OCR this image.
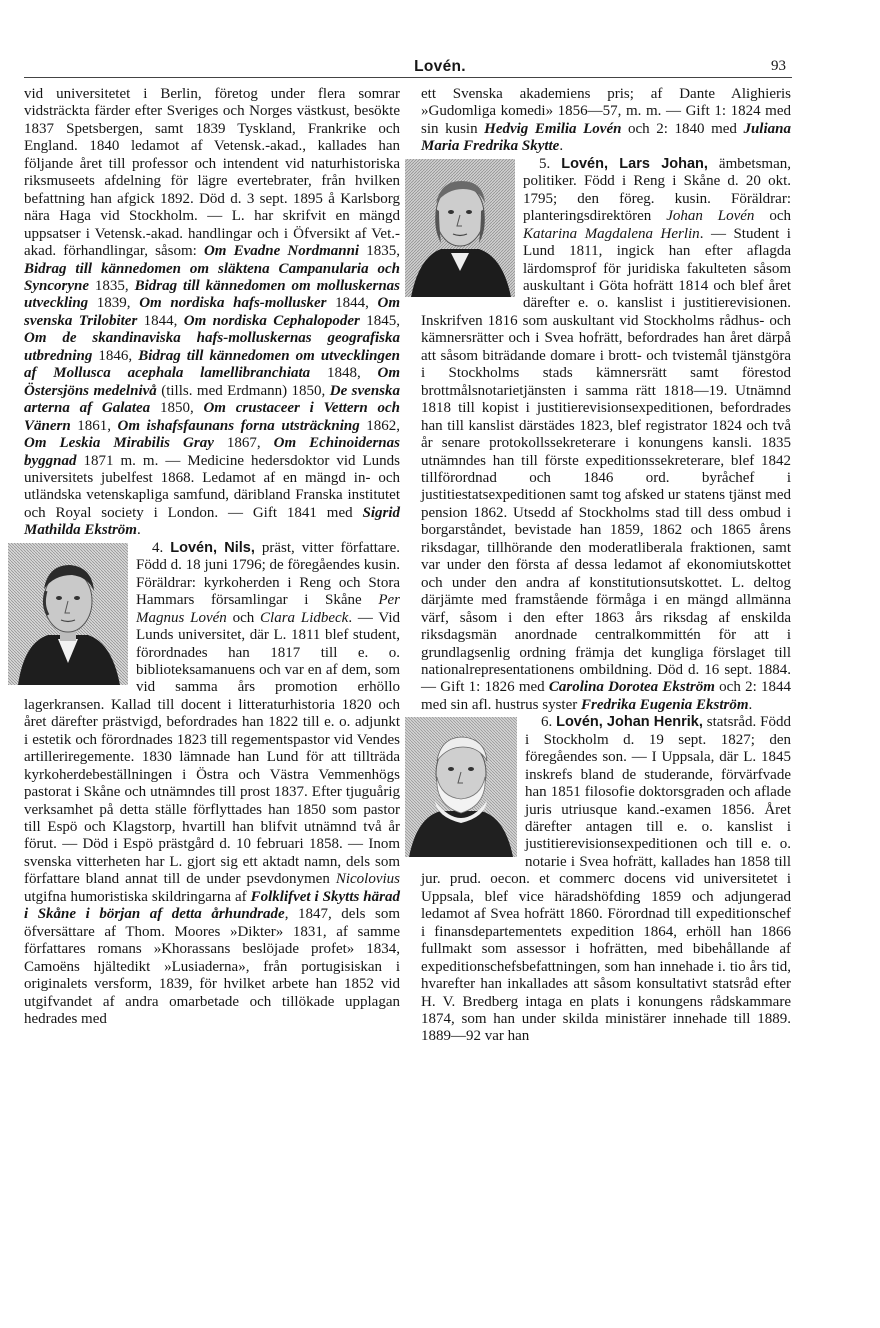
Lovén.	93

vid universitetet i Berlin, företog under flera somrar vidsträckta färder efter Sveriges och Norges västkust, besökte 1837 Spetsbergen, samt 1839 Tyskland, Frankrike och England. 1840 ledamot af Vetensk.-akad., kallades han följande året till professor och intendent vid naturhistoriska riksmuseets afdelning för lägre evertebrater, från hvilken befattning han afgick 1892. Död d. 3 sept. 1895 å Karlsborg nära Haga vid Stockholm. — L. har skrifvit en mängd uppsatser i Vetensk.-akad. handlingar och i Öfversikt af Vet.-akad. förhandlingar, såsom: Om Evadne Nordmanni 1835, Bidrag till kännedomen om släktena Campanularia och Syncoryne 1835, Bidrag till kännedomen om molluskernas utveckling 1839, Om nordiska hafs-mollusker 1844, Om svenska Trilobiter 1844, Om nordiska Cephalopoder 1845, Om de skandinaviska hafs-molluskernas geografiska utbredning 1846, Bidrag till kännedomen om utvecklingen af Mollusca acephala lamellibranchiata 1848, Om Östersjöns medelnivå (tills. med Erdmann) 1850, De svenska arterna af Galatea 1850, Om crustaceer i Vettern och Vänern 1861, Om ishafsfaunans forna utsträckning 1862, Om Leskia Mirabilis Gray 1867, Om Echinoidernas byggnad 1871 m. m. — Medicine hedersdoktor vid Lunds universitets jubelfest 1868. Ledamot af en mängd in- och utländska vetenskapliga samfund, däribland Franska institutet och Royal society i London. — Gift 1841 med Sigrid Mathilda Ekström.

4. Lovén, Nils,
präst, vitter författare. Född d. 18 juni 1796; de föregåendes kusin. Föräldrar: kyrkoherden i Reng och Stora Hammars församlingar i Skåne Per Magnus Lovén och Clara Lidbeck. — Vid Lunds universitet, där L. 1811 blef student, förordnades han 1817 till e. o. biblioteksamanuens och var en af dem, som vid samma års promotion erhöllo lagerkransen. Kallad till docent i litteraturhistoria 1820 och året därefter prästvigd, befordrades han 1822 till e. o. adjunkt i estetik och förordnades 1823 till regementspastor vid Vendes artilleriregemente. 1830 lämnade han Lund för att tillträda kyrkoherdebeställningen i Östra och Västra Vemmenhögs pastorat i Skåne och utnämndes till prost 1837. Efter tjuguårig verksamhet på detta ställe förflyttades han 1850 som pastor till Espö och Klagstorp, hvartill han blifvit utnämnd två år förut. — Död i Espö prästgård d. 10 februari 1858. — Inom svenska vitterheten har L. gjort sig ett aktadt namn, dels som författare bland annat till de under psevdonymen Nicolovius utgifna humoristiska skildringarna af Folklifvet i Skytts härad i Skåne i början af detta århundrade, 1847, dels som öfversättare af Thom. Moores »Dikter» 1831, af samme författares romans »Khorassans beslöjade profet» 1834, Camoëns hjältedikt »Lusiaderna», från portugisiskan i originalets versform, 1839, för hvilket arbete han 1852 vid utgifvandet af andra omarbetade och tillökade upplagan hedrades med

ett Svenska akademiens pris; af Dante Alighieris »Gudomliga komedi» 1856—57, m. m. — Gift 1: 1824 med sin kusin Hedvig Emilia Lovén och 2: 1840 med Juliana Maria Fredrika Skytte.

5. Lovén, Lars Johan,
ämbetsman, politiker. Född i Reng i Skåne d. 20 okt. 1795; den föreg. kusin. Föräldrar: planteringsdirektören Johan Lovén och Katarina Magdalena Herlin. — Student i Lund 1811, ingick han efter aflagda lärdomsprof för juridiska fakulteten såsom auskultant i Göta hofrätt 1814 och blef året därefter e. o. kanslist i justitierevisionen. Inskrifven 1816 som auskultant vid Stockholms rådhus- och kämnersrätter och i Svea hofrätt, befordrades han året därpå att såsom biträdande domare i brott- och tvistemål tjänstgöra i Stockholms stads kämnersrätt samt förestod brottmålsnotarietjänsten i samma rätt 1818—19. Utnämnd 1818 till kopist i justitierevisionsexpeditionen, befordrades han till kanslist därstädes 1823, blef registrator 1824 och två år senare protokollssekreterare i konungens kansli. 1835 utnämndes han till förste expeditionssekreterare, blef 1842 tillförordnad och 1846 ord. byråchef i justitiestatsexpeditionen samt tog afsked ur statens tjänst med pension 1862. Utsedd af Stockholms stad till dess ombud i borgarståndet, bevistade han 1859, 1862 och 1865 årens riksdagar, tillhörande den moderatliberala fraktionen, samt var under den första af dessa ledamot af ekonomiutskottet och under den andra af konstitutionsutskottet. L. deltog därjämte med framstående förmåga i en mängd allmänna värf, såsom i den efter 1863 års riksdag af enskilda riksdagsmän anordnade centralkommittén för att i grundlagsenlig ordning främja det kungliga förslaget till nationalrepresentationens ombildning. Död d. 16 sept. 1884. — Gift 1: 1826 med Carolina Dorotea Ekström och 2: 1844 med sin afl. hustrus syster Fredrika Eugenia Ekström.

6. Lovén, Johan Henrik,
statsråd. Född i Stockholm d. 19 sept. 1827; den föregåendes son. — I Uppsala, där L. 1845 inskrefs bland de studerande, förvärfvade han 1851 filosofie doktorsgraden och aflade juris utriusque kand.-examen 1856. Året därefter antagen till e. o. kanslist i justitierevisionsexpeditionen och till e. o. notarie i Svea hofrätt, kallades han 1858 till jur. prud. oecon. et commerc docens vid universitetet i Uppsala, blef vice häradshöfding 1859 och adjungerad ledamot af Svea hofrätt 1860. Förordnad till expeditionschef i finansdepartementets expedition 1864, erhöll han 1866 fullmakt som assessor i hofrätten, med bibehållande af expeditionschefsbefattningen, som han innehade i. tio års tid, hvarefter han inkallades att såsom konsultativt statsråd efter H. V. Bredberg intaga en plats i konungens rådskammare 1874, som han under skilda ministärer innehade till 1889. 1889—92 var han
